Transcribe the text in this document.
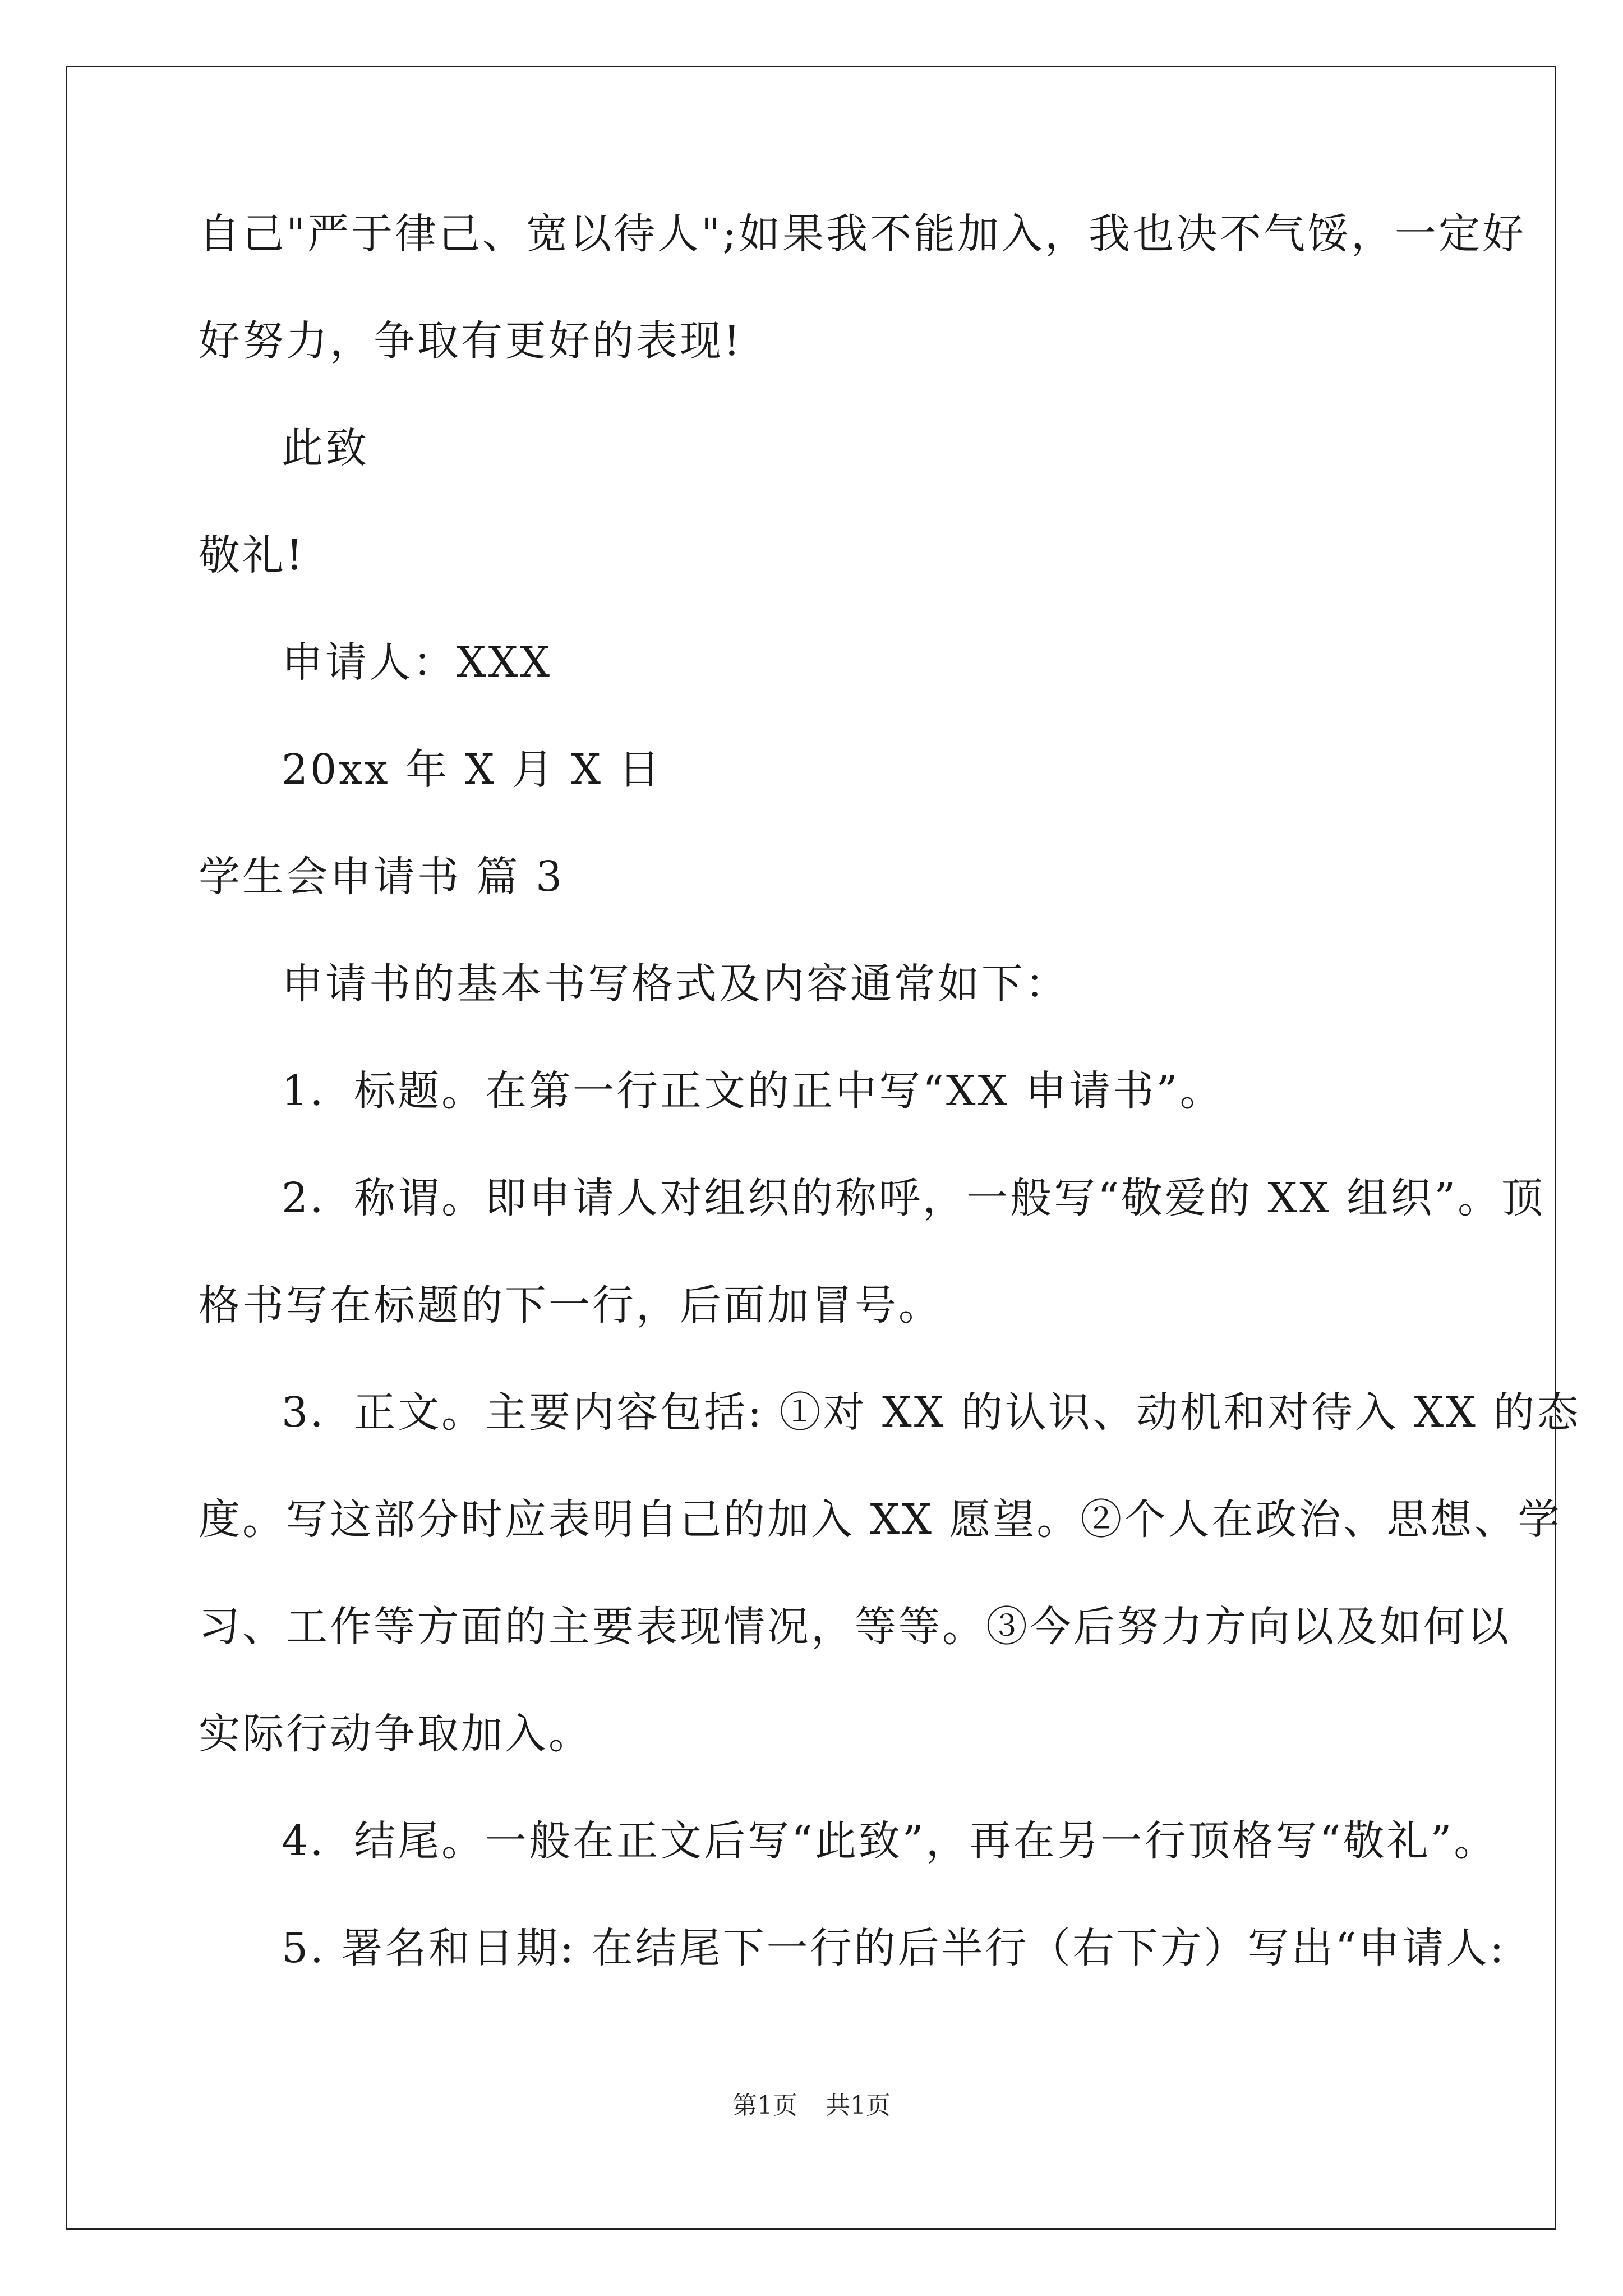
自己"严于律己、宽以待人";如果我不能加入，我也决不气馁，一定好
好努力，争取有更好的表现!
此致
敬礼!
申请人：XXX
20xx 年 X 月 X 日
学生会申请书 篇 3
申请书的基本书写格式及内容通常如下：
1．标题。在第一行正文的正中写“XX 申请书”。
2．称谓。即申请人对组织的称呼，一般写“敬爱的 XX 组织”。顶
格书写在标题的下一行，后面加冒号。
3．正文。主要内容包括: ①对 XX 的认识、动机和对待入 XX 的态
度。写这部分时应表明自己的加入 XX 愿望。②个人在政治、思想、学
习、工作等方面的主要表现情况，等等。③今后努力方向以及如何以
实际行动争取加入。
4．结尾。一般在正文后写“此致”，再在另一行顶格写“敬礼”。
5. 署名和日期: 在结尾下一行的后半行（右下方）写出“申请人:
第1页 共1页
